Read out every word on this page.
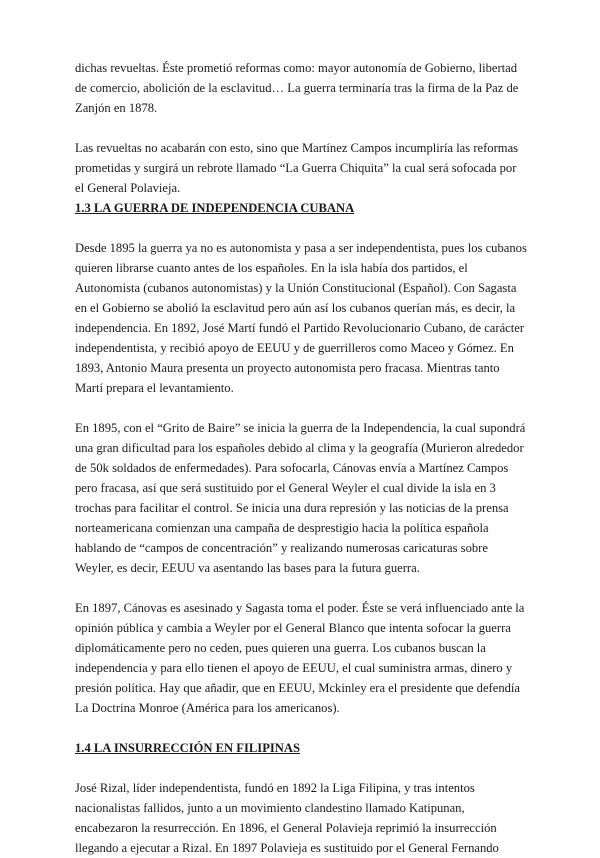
dichas revueltas. Éste prometió reformas como: mayor autonomía de Gobierno, libertad de comercio, abolición de la esclavitud… La guerra terminaría tras la firma de la Paz de Zanjón en 1878.

Las revueltas no acabarán con esto, sino que Martínez Campos incumpliría las reformas prometidas y surgirá un rebrote llamado “La Guerra Chiquita” la cual será sofocada por el General Polavieja.

1.3 LA GUERRA DE INDEPENDENCIA CUBANA

Desde 1895 la guerra ya no es autonomista y pasa a ser independentista, pues los cubanos quieren librarse cuanto antes de los españoles. En la isla había dos partidos, el Autonomista (cubanos autonomistas) y la Unión Constitucional (Español). Con Sagasta en el Gobierno se abolió la esclavitud pero aún así los cubanos querían más, es decir, la independencia. En 1892, José Martí fundó el Partido Revolucionario Cubano, de carácter independentista, y recibió apoyo de EEUU y de guerrilleros como Maceo y Gómez. En 1893, Antonio Maura presenta un proyecto autonomista pero fracasa. Mientras tanto Martí prepara el levantamiento.

En 1895, con el “Grito de Baire” se inicia la guerra de la Independencia, la cual supondrá una gran dificultad para los españoles debido al clima y la geografía (Murieron alrededor de 50k soldados de enfermedades). Para sofocarla, Cánovas envía a Martínez Campos pero fracasa, así que será sustituido por el General Weyler el cual divide la isla en 3 trochas para facilitar el control. Se inicia una dura represión y las noticias de la prensa norteamericana comienzan una campaña de desprestigio hacia la política española hablando de “campos de concentración” y realizando numerosas caricaturas sobre Weyler, es decir, EEUU va asentando las bases para la futura guerra.

En 1897, Cánovas es asesinado y Sagasta toma el poder. Éste se verá influenciado ante la opinión pública y cambia a Weyler por el General Blanco que intenta sofocar la guerra diplomáticamente pero no ceden, pues quieren una guerra. Los cubanos buscan la independencia y para ello tienen el apoyo de EEUU, el cual suministra armas, dinero y presión política. Hay que añadir, que en EEUU, Mckinley era el presidente que defendía La Doctrina Monroe (América para los americanos).

1.4 LA INSURRECCIÓN EN FILIPINAS

José Rizal, líder independentista, fundó en 1892 la Liga Filipina, y tras intentos nacionalistas fallidos, junto a un movimiento clandestino llamado Katipunan, encabezaron la resurrección. En 1896, el General Polavieja reprimió la insurrección llegando a ejecutar a Rizal. En 1897 Polavieja es sustituido por el General Fernando
